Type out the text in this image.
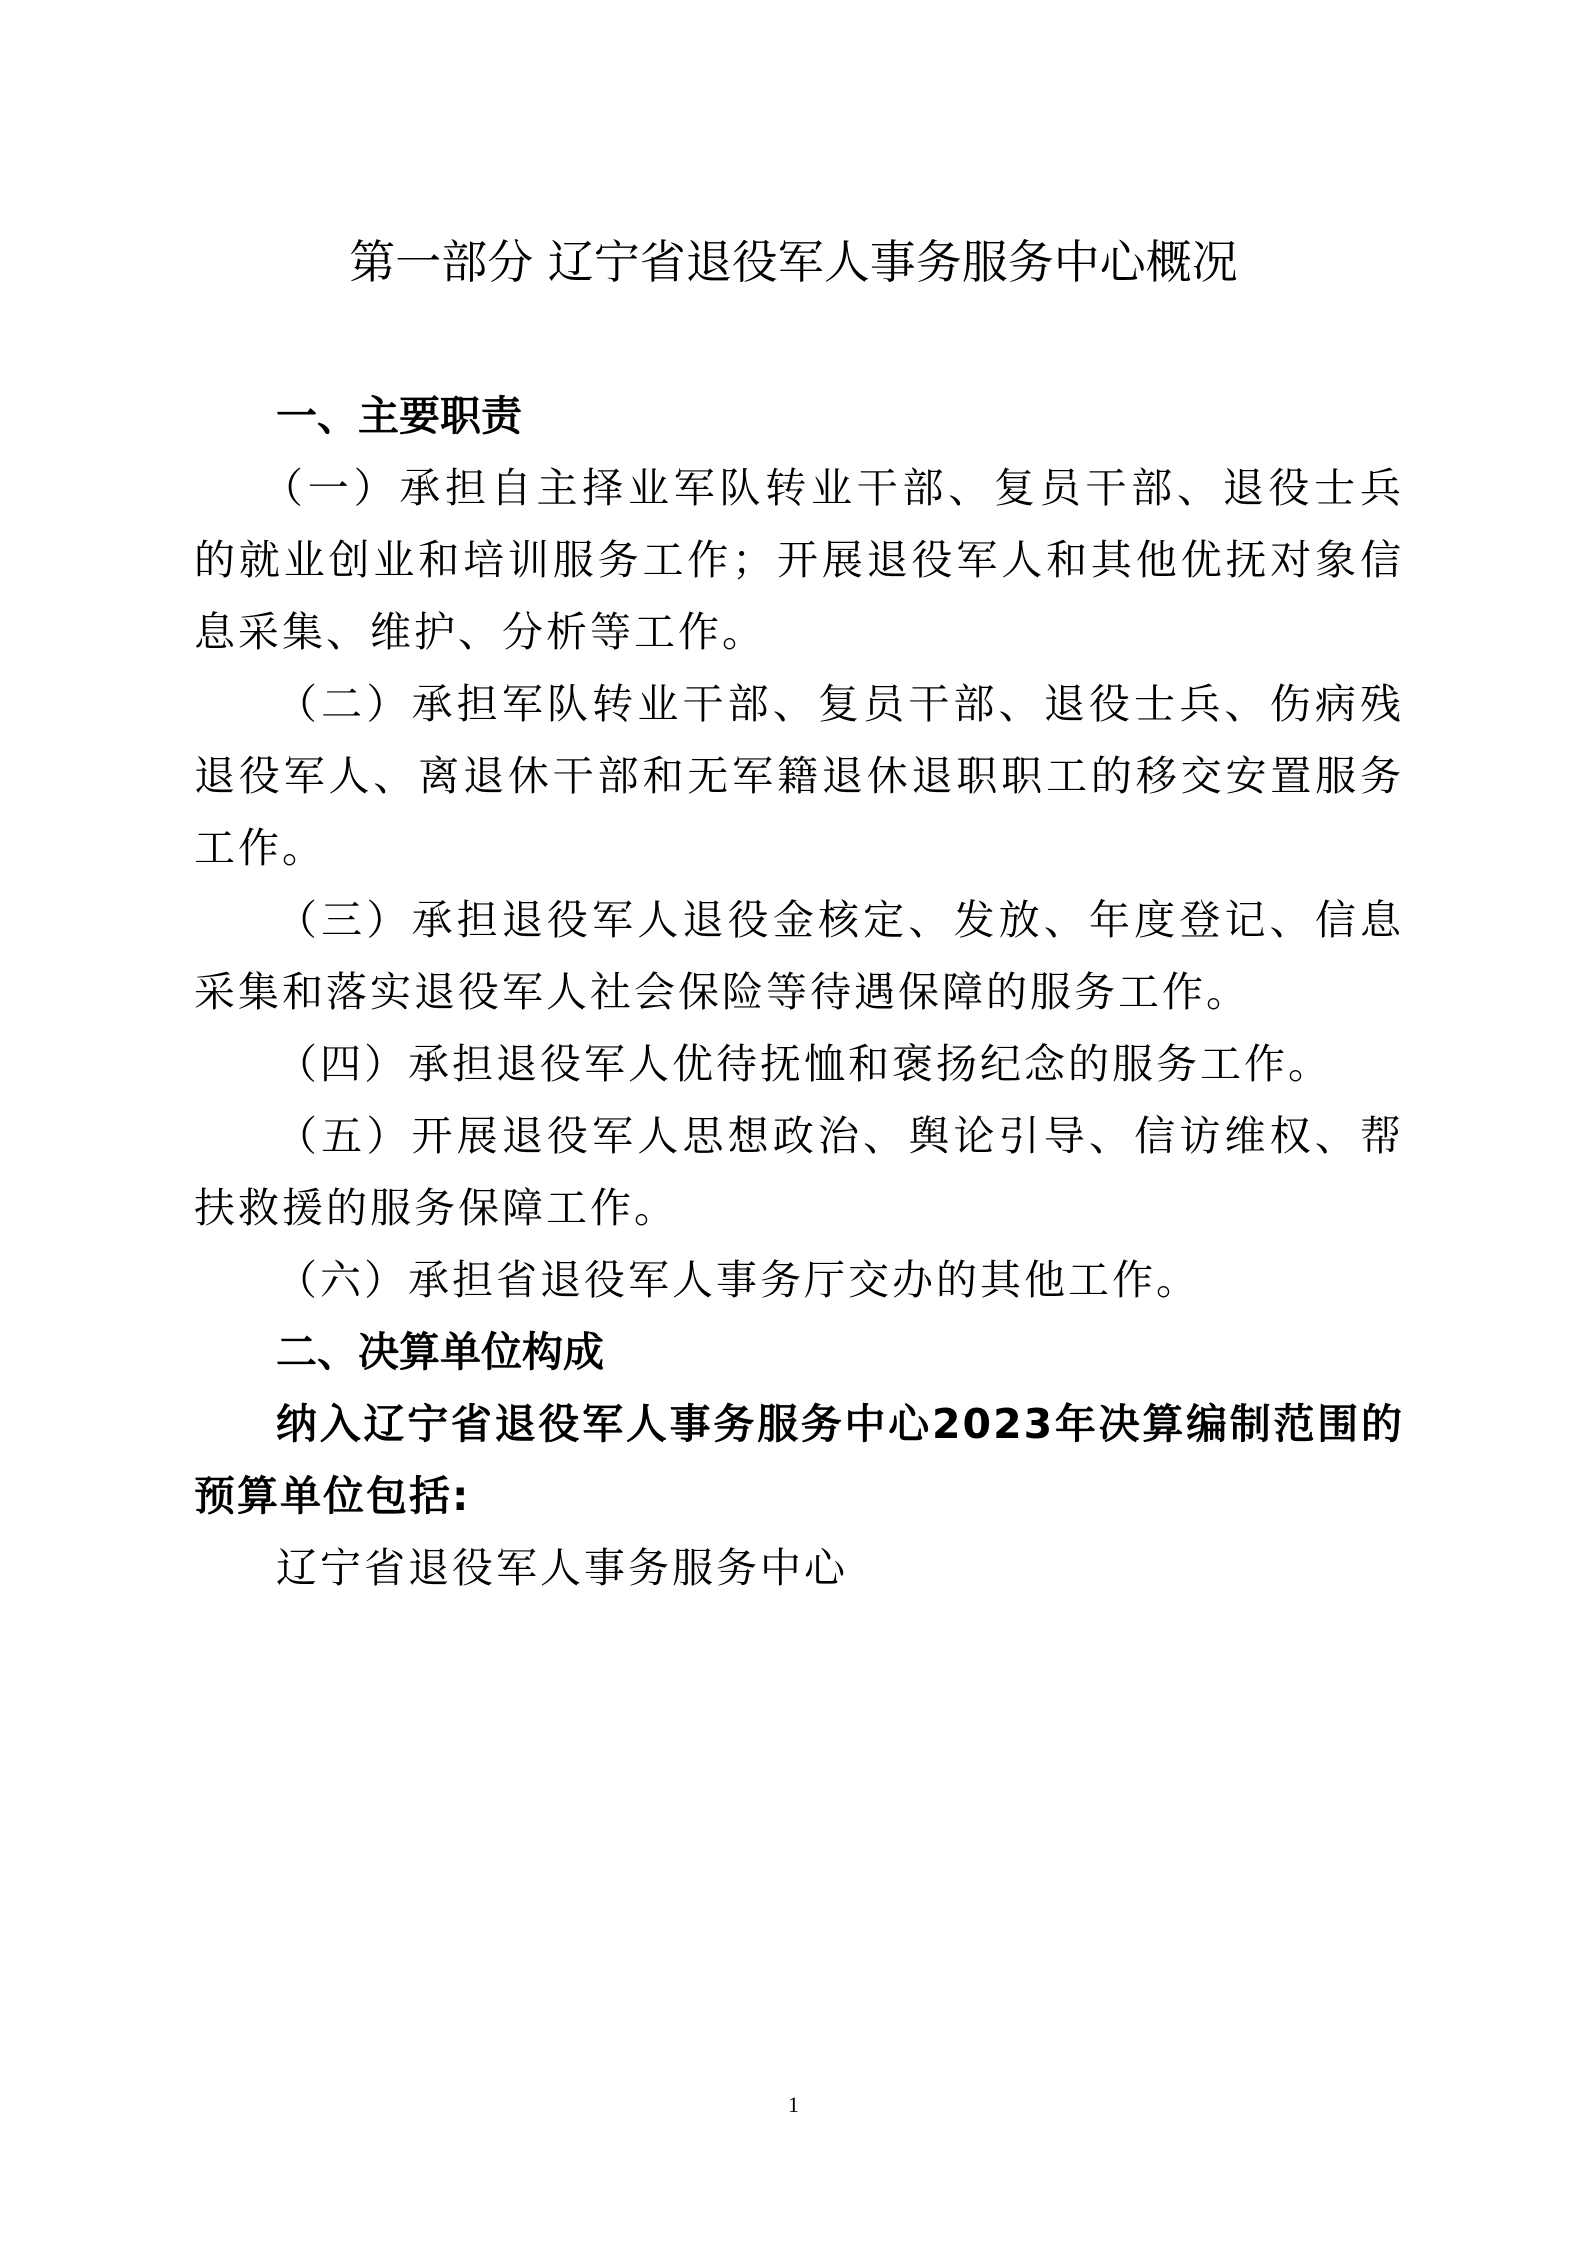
第一部分 辽宁省退役军人事务服务中心概况
一、主要职责

（一）承担自主择业军队转业干部、复员干部、退役士兵的就业创业和培训服务工作；开展退役军人和其他优抚对象信息采集、维护、分析等工作。

（二）承担军队转业干部、复员干部、退役士兵、伤病残退役军人、离退休干部和无军籍退休退职职工的移交安置服务工作。

（三）承担退役军人退役金核定、发放、年度登记、信息采集和落实退役军人社会保险等待遇保障的服务工作。

（四）承担退役军人优待抚恤和褒扬纪念的服务工作。

（五）开展退役军人思想政治、舆论引导、信访维权、帮扶救援的服务保障工作。

（六）承担省退役军人事务厅交办的其他工作。

二、决算单位构成

纳入辽宁省退役军人事务服务中心2023年决算编制范围的预算单位包括:

辽宁省退役军人事务服务中心

1
